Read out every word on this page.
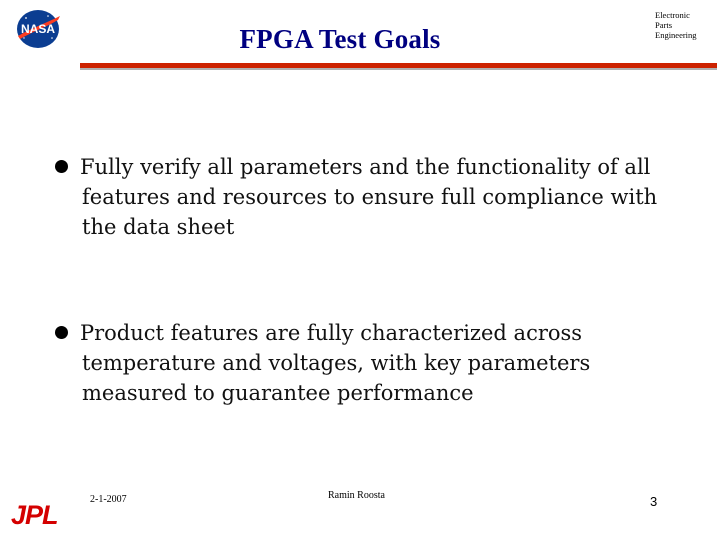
NASA	FPGA Test Goals
Electronic
Parts
Engineering
Fully verify all parameters and the functionality of all
features and resources to ensure full compliance with
the data sheet
Product features are fully characterized across
temperature and voltages, with key parameters
measured to guarantee performance
JPL
2-1-2007	Ramin Roosta	3
